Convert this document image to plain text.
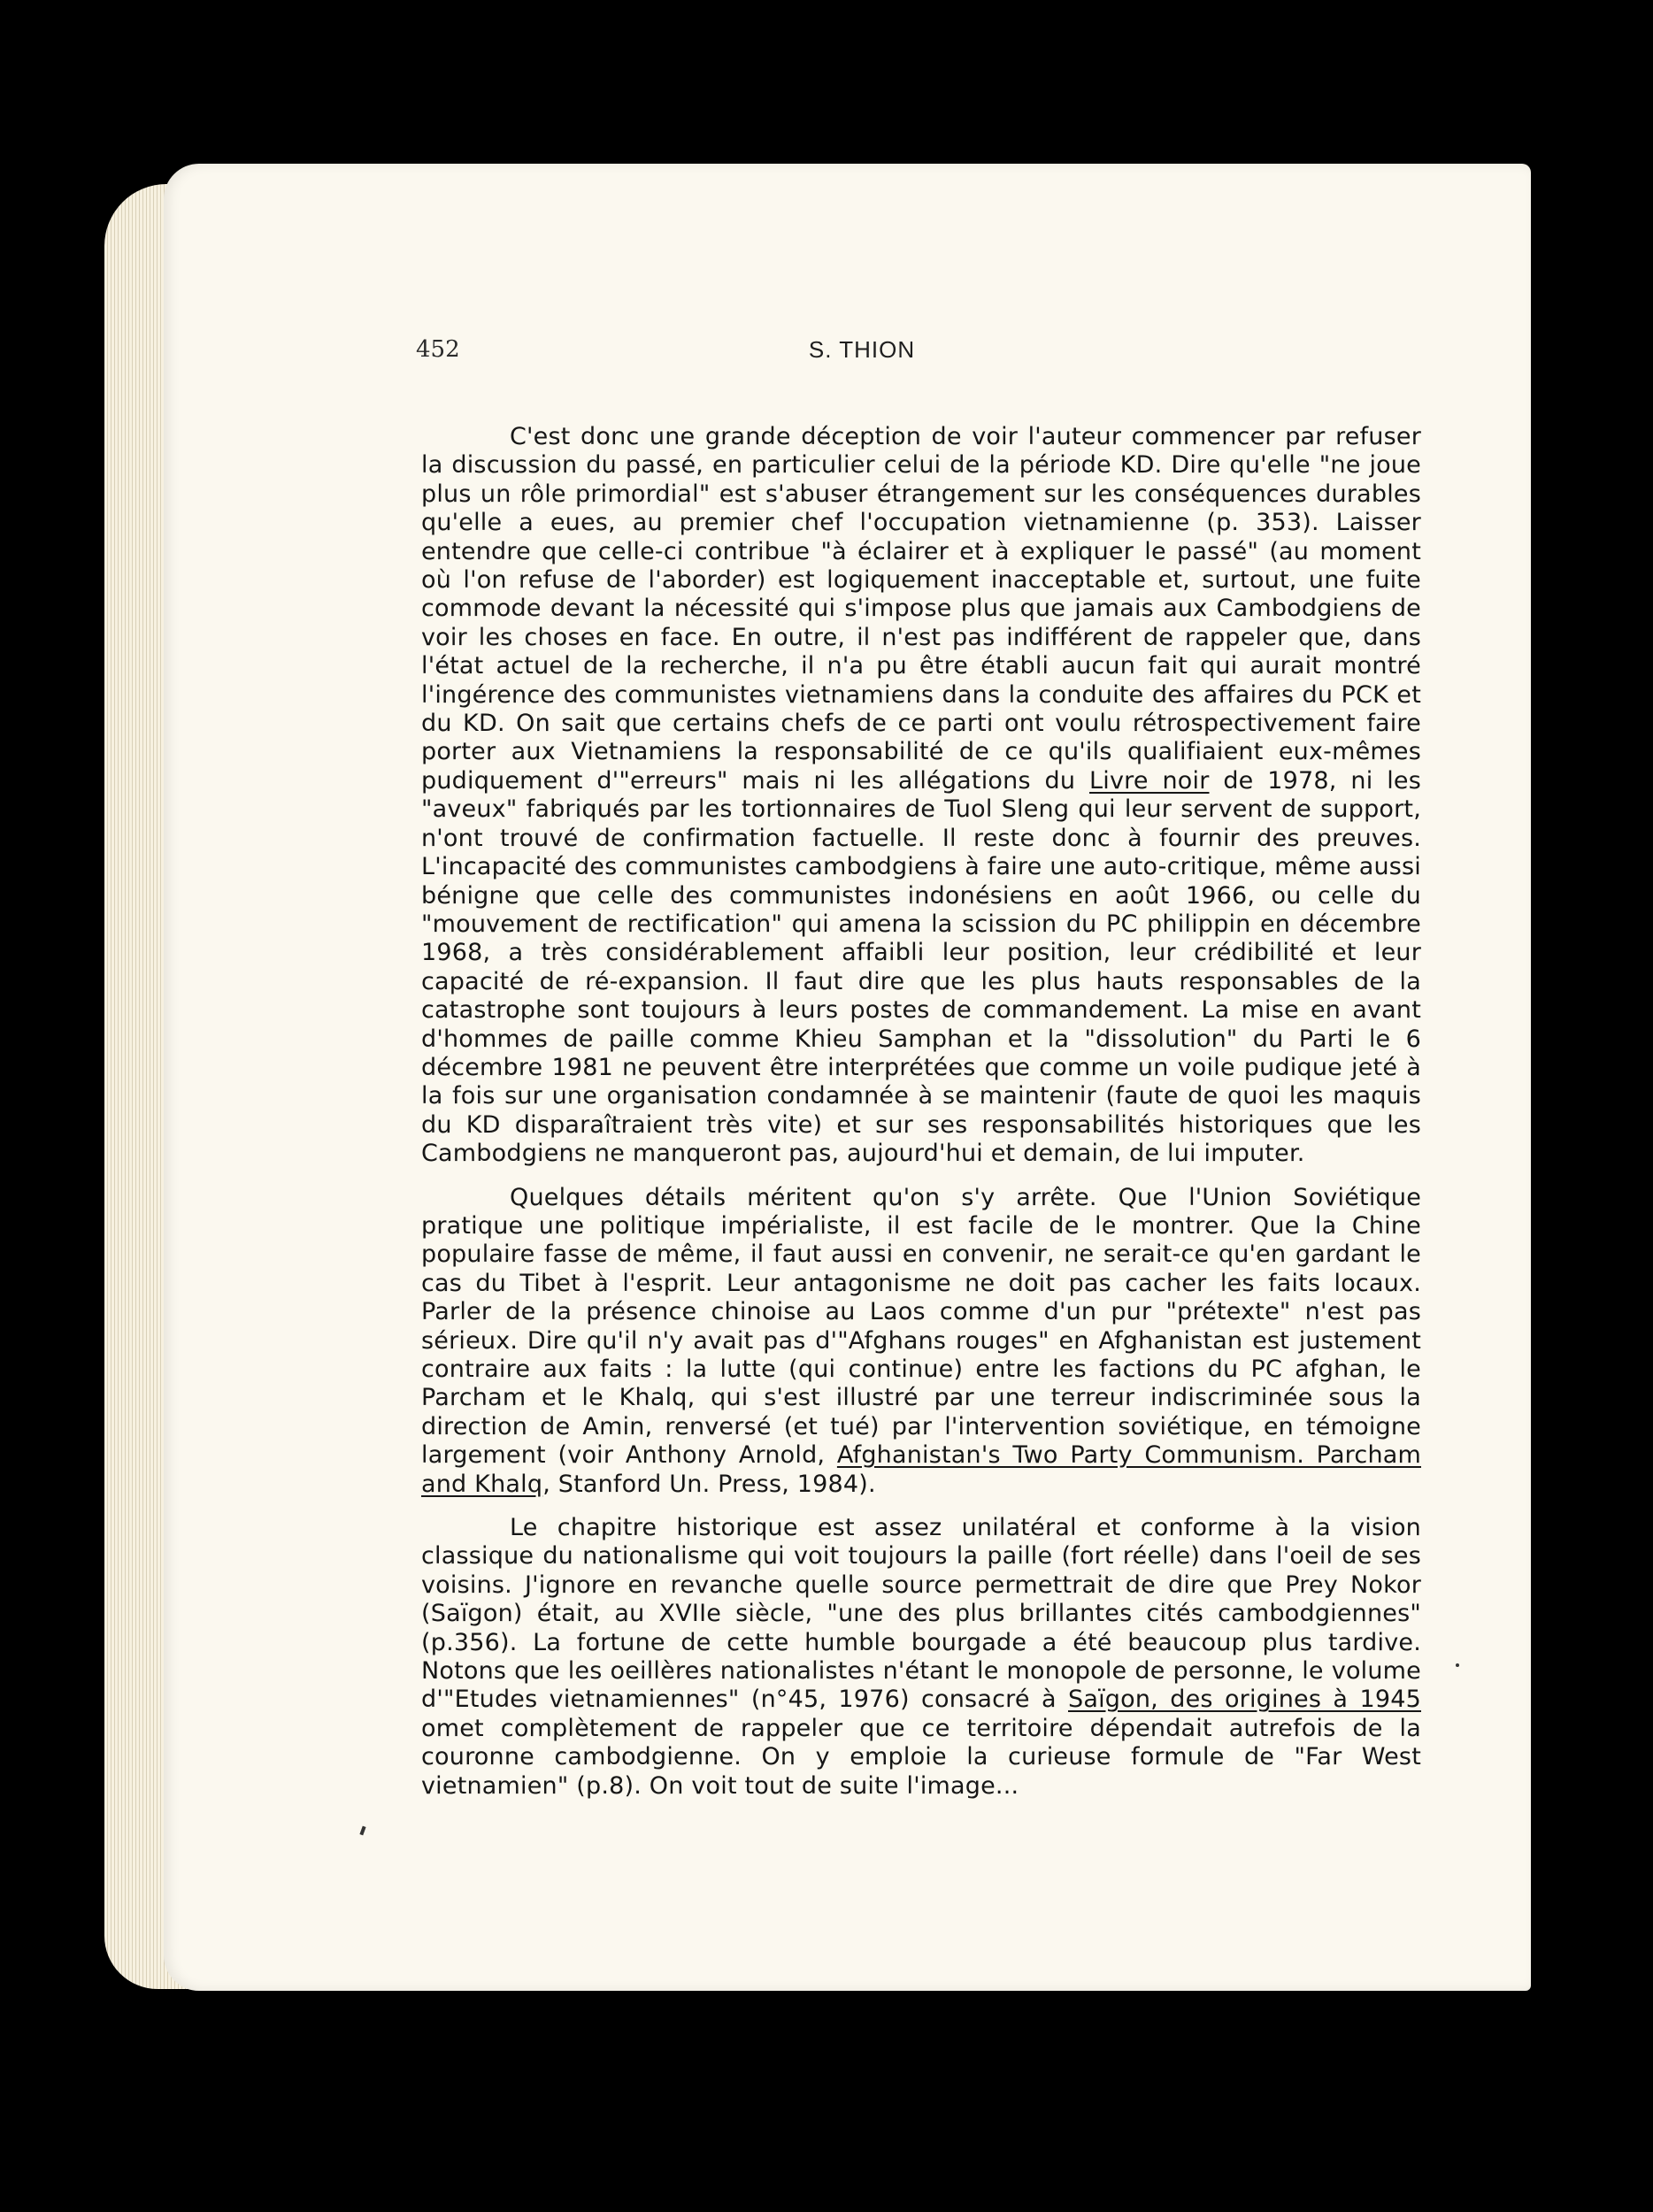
452	S. THION

C'est donc une grande déception de voir l'auteur commencer par refuser la discussion du passé, en particulier celui de la période KD. Dire qu'elle "ne joue plus un rôle primordial" est s'abuser étrangement sur les conséquences durables qu'elle a eues, au premier chef l'occupation vietnamienne (p. 353). Laisser entendre que celle-ci contribue "à éclairer et à expliquer le passé" (au moment où l'on refuse de l'aborder) est logiquement inacceptable et, surtout, une fuite commode devant la nécessité qui s'impose plus que jamais aux Cambodgiens de voir les choses en face. En outre, il n'est pas indifférent de rappeler que, dans l'état actuel de la recherche, il n'a pu être établi aucun fait qui aurait montré l'ingérence des communistes vietnamiens dans la conduite des affaires du PCK et du KD. On sait que certains chefs de ce parti ont voulu rétrospectivement faire porter aux Vietnamiens la responsabilité de ce qu'ils qualifiaient eux-mêmes pudiquement d'"erreurs" mais ni les allégations du Livre noir de 1978, ni les "aveux" fabriqués par les tortionnaires de Tuol Sleng qui leur servent de support, n'ont trouvé de confirmation factuelle. Il reste donc à fournir des preuves. L'incapacité des communistes cambodgiens à faire une auto-critique, même aussi bénigne que celle des communistes indonésiens en août 1966, ou celle du "mouvement de rectification" qui amena la scission du PC philippin en décembre 1968, a très considérablement affaibli leur position, leur crédibilité et leur capacité de ré-expansion. Il faut dire que les plus hauts responsables de la catastrophe sont toujours à leurs postes de commandement. La mise en avant d'hommes de paille comme Khieu Samphan et la "dissolution" du Parti le 6 décembre 1981 ne peuvent être interprétées que comme un voile pudique jeté à la fois sur une organisation condamnée à se maintenir (faute de quoi les maquis du KD disparaîtraient très vite) et sur ses responsabilités historiques que les Cambodgiens ne manqueront pas, aujourd'hui et demain, de lui imputer.

Quelques détails méritent qu'on s'y arrête. Que l'Union Soviétique pratique une politique impérialiste, il est facile de le montrer. Que la Chine populaire fasse de même, il faut aussi en convenir, ne serait-ce qu'en gardant le cas du Tibet à l'esprit. Leur antagonisme ne doit pas cacher les faits locaux. Parler de la présence chinoise au Laos comme d'un pur "prétexte" n'est pas sérieux. Dire qu'il n'y avait pas d'"Afghans rouges" en Afghanistan est justement contraire aux faits : la lutte (qui continue) entre les factions du PC afghan, le Parcham et le Khalq, qui s'est illustré par une terreur indiscriminée sous la direction de Amin, renversé (et tué) par l'intervention soviétique, en témoigne largement (voir Anthony Arnold, Afghanistan's Two Party Communism. Parcham and Khalq, Stanford Un. Press, 1984).

Le chapitre historique est assez unilatéral et conforme à la vision classique du nationalisme qui voit toujours la paille (fort réelle) dans l'oeil de ses voisins. J'ignore en revanche quelle source permettrait de dire que Prey Nokor (Saïgon) était, au XVIIe siècle, "une des plus brillantes cités cambodgiennes" (p.356). La fortune de cette humble bourgade a été beaucoup plus tardive. Notons que les oeillères nationalistes n'étant le monopole de personne, le volume d'"Etudes vietnamiennes" (n°45, 1976) consacré à Saïgon, des origines à 1945 omet complètement de rappeler que ce territoire dépendait autrefois de la couronne cambodgienne. On y emploie la curieuse formule de "Far West vietnamien" (p.8). On voit tout de suite l'image...
